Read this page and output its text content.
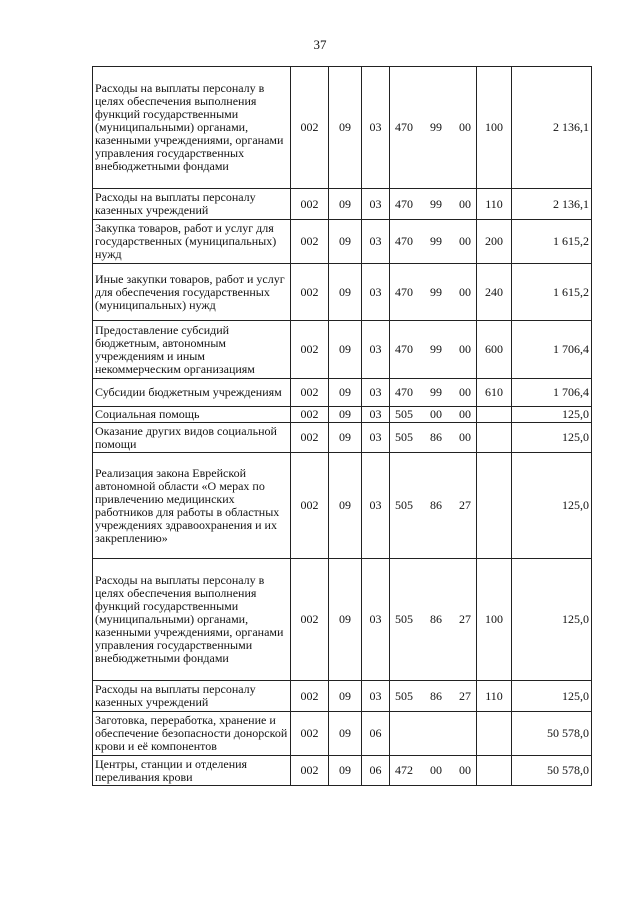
37
Расходы на выплаты персоналу в целях обеспечения выполнения функций государственными (муниципальными) органами, казенными учреждениями, органами управления государственных внебюджетными фондами	002	09	03	470 99 00	100	2 136,1
Расходы на выплаты персоналу казенных учреждений	002	09	03	470 99 00	110	2 136,1
Закупка товаров, работ и услуг для государственных (муниципальных) нужд	002	09	03	470 99 00	200	1 615,2
Иные закупки товаров, работ и услуг для обеспечения государственных (муниципальных) нужд	002	09	03	470 99 00	240	1 615,2
Предоставление субсидий бюджетным, автономным учреждениям и иным некоммерческим организациям	002	09	03	470 99 00	600	1 706,4
Субсидии бюджетным учреждениям	002	09	03	470 99 00	610	1 706,4
Социальная помощь	002	09	03	505 00 00		125,0
Оказание других видов социальной помощи	002	09	03	505 86 00		125,0
Реализация закона Еврейской автономной области «О мерах по привлечению медицинских работников для работы в областных учреждениях здравоохранения и их закреплению»	002	09	03	505 86 27		125,0
Расходы на выплаты персоналу в целях обеспечения выполнения функций государственными (муниципальными) органами, казенными учреждениями, органами управления государственными внебюджетными фондами	002	09	03	505 86 27	100	125,0
Расходы на выплаты персоналу казенных учреждений	002	09	03	505 86 27	110	125,0
Заготовка, переработка, хранение и обеспечение безопасности донорской крови и её компонентов	002	09	06			50 578,0
Центры, станции и отделения переливания крови	002	09	06	472 00 00		50 578,0
